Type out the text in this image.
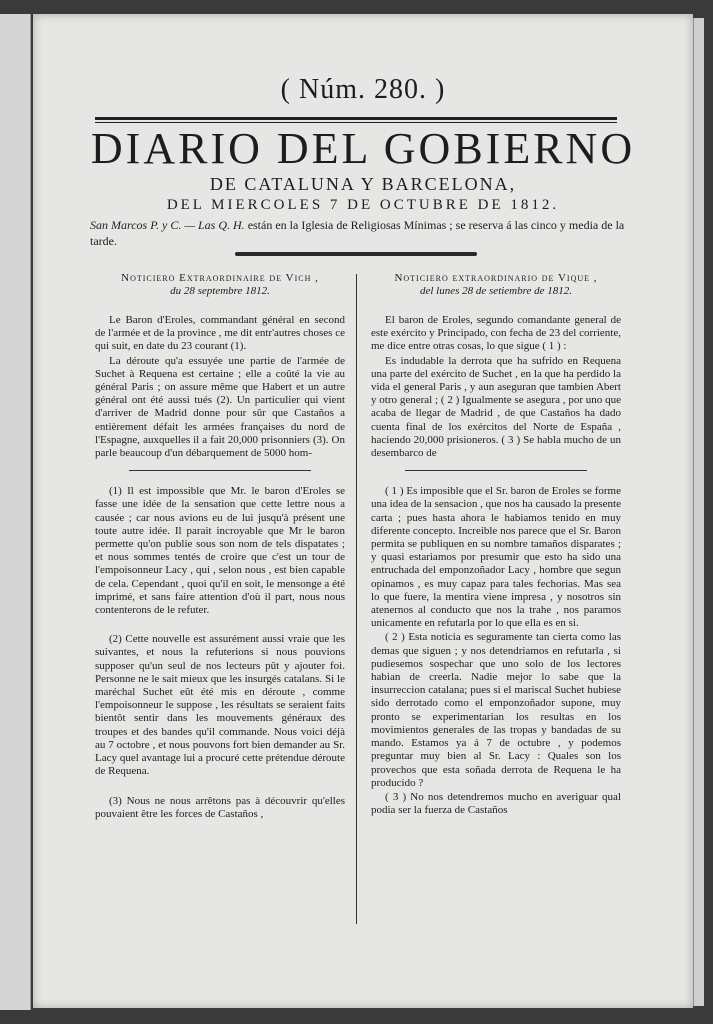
( Núm. 280. )
DIARIO DEL GOBIERNO
DE CATALUNA Y BARCELONA,
DEL MIERCOLES 7 DE OCTUBRE DE 1812.
San Marcos P. y C. — Las Q. H. están en la Iglesia de Religiosas Mínimas ; se reserva á las cinco y media de la tarde.
Noticiero Extraordinaire de Vich ,
du 28 septembre 1812.

Le Baron d'Eroles, commandant général en second de l'armée et de la province , me dit entr'autres choses ce qui suit, en date du 23 courant (1).

La déroute qu'a essuyée une partie de l'armée de Suchet à Requena est certaine ; elle a coûté la vie au général Paris ; on assure même que Habert et un autre général ont été aussi tués (2). Un particulier qui vient d'arriver de Madrid donne pour sûr que Castaños a entièrement défait les armées françaises du nord de l'Espagne, auxquelles il a fait 20,000 prisonniers (3). On parle beaucoup d'un débarquement de 5000 hom-

(1) Il est impossible que Mr. le baron d'Eroles se fasse une idée de la sensation que cette lettre nous a causée ; car nous avions eu de lui jusqu'à présent une toute autre idée. Il parait incroyable que Mr le baron permette qu'on publie sous son nom de tels dispatates ; et nous sommes tentés de croire que c'est un tour de l'empoisonneur Lacy , qui , selon nous , est bien capable de cela. Cependant , quoi qu'il en soit, le mensonge a été imprimé, et sans faire attention d'où il part, nous nous contenterons de le refuter.

(2) Cette nouvelle est assurément aussi vraie que les suivantes, et nous la refuterions si nous pouvions supposer qu'un seul de nos lecteurs pût y ajouter foi. Personne ne le sait mieux que les insurgés catalans. Si le maréchal Suchet eût été mis en déroute , comme l'empoisonneur le suppose , les résultats se seraient faits bientôt sentir dans les mouvements généraux des troupes et des bandes qu'il commande. Nous voici déjà au 7 octobre , et nous pouvons fort bien demander au Sr. Lacy quel avantage lui a procuré cette prétendue déroute de Requena.

(3) Nous ne nous arrêtons pas à découvrir qu'elles pouvaient être les forces de Castaños ,

Noticiero extraordinario de Vique ,
del lunes 28 de setiembre de 1812.

El baron de Eroles, segundo comandante general de este exército y Principado, con fecha de 23 del corriente, me dice entre otras cosas, lo que sigue ( 1 ) :

Es indudable la derrota que ha sufrido en Requena una parte del exército de Suchet , en la que ha perdido la vida el general Paris , y aun aseguran que tambien Abert y otro general ; ( 2 ) Igualmente se asegura , por uno que acaba de llegar de Madrid , de que Castaños ha dado cuenta final de los exércitos del Norte de España , haciendo 20,000 prisioneros. ( 3 ) Se habla mucho de un desembarco de

( 1 ) Es imposible que el Sr. baron de Eroles se forme una idea de la sensacion , que nos ha causado la presente carta ; pues hasta ahora le habiamos tenido en muy diferente concepto. Increible nos parece que el Sr. Baron permita se publiquen en su nombre tamaños disparates ; y quasi estariamos por presumir que esto ha sido una entruchada del emponzoñador Lacy , hombre que segun opinamos , es muy capaz para tales fechorias. Mas sea lo que fuere, la mentira viene impresa , y nosotros sin atenernos al conducto que nos la trahe , nos paramos unicamente en refutarla por lo que ella es en si.

( 2 ) Esta noticia es seguramente tan cierta como las demas que siguen ; y nos detendriamos en refutarla , si pudiesemos sospechar que uno solo de los lectores habian de creerla. Nadie mejor lo sabe que la insurreccion catalana; pues si el mariscal Suchet hubiese sido derrotado como el emponzoñador supone, muy pronto se experimentarian los resultas en los movimientos generales de las tropas y bandadas de su mando. Estamos ya á 7 de octubre , y podemos preguntar muy bien al Sr. Lacy : Quales son los provechos que esta soñada derrota de Requena le ha producido ?

( 3 ) No nos detendremos mucho en averiguar qual podia ser la fuerza de Castaños
